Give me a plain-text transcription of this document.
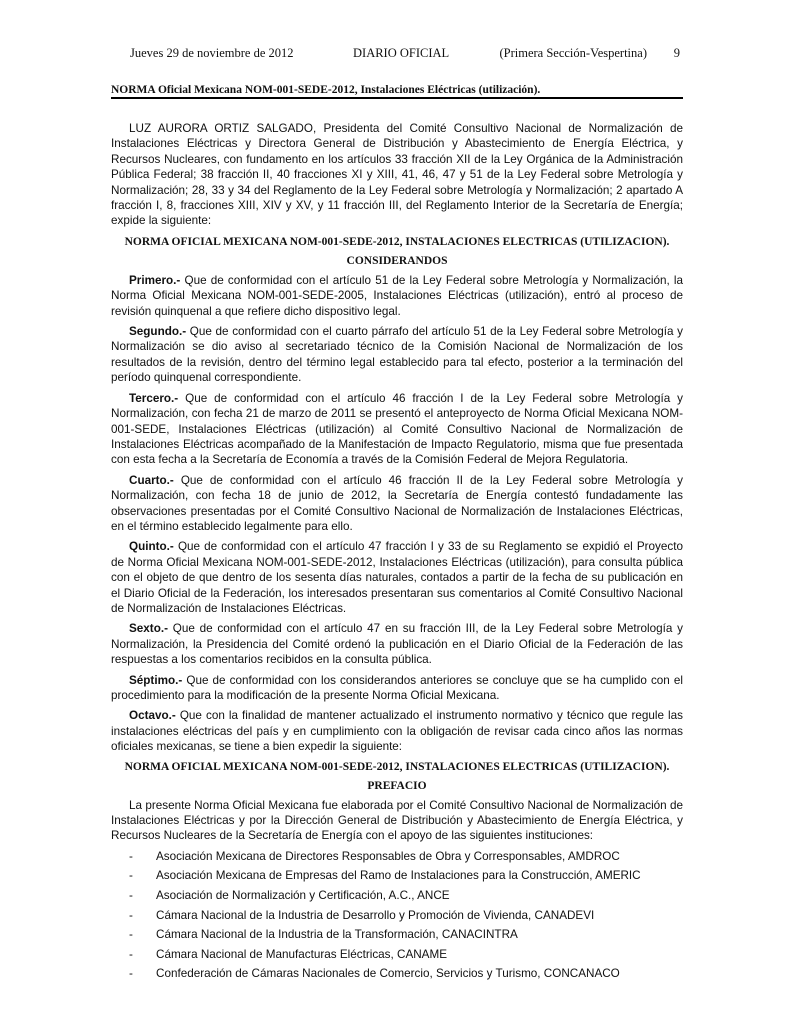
Jueves 29 de noviembre de 2012	DIARIO OFICIAL	(Primera Sección-Vespertina) 9
NORMA Oficial Mexicana NOM-001-SEDE-2012, Instalaciones Eléctricas (utilización).

LUZ AURORA ORTIZ SALGADO, Presidenta del Comité Consultivo Nacional de Normalización de Instalaciones Eléctricas y Directora General de Distribución y Abastecimiento de Energía Eléctrica, y Recursos Nucleares, con fundamento en los artículos 33 fracción XII de la Ley Orgánica de la Administración Pública Federal; 38 fracción II, 40 fracciones XI y XIII, 41, 46, 47 y 51 de la Ley Federal sobre Metrología y Normalización; 28, 33 y 34 del Reglamento de la Ley Federal sobre Metrología y Normalización; 2 apartado A fracción I, 8, fracciones XIII, XIV y XV, y 11 fracción III, del Reglamento Interior de la Secretaría de Energía; expide la siguiente:

NORMA OFICIAL MEXICANA NOM-001-SEDE-2012, INSTALACIONES ELECTRICAS (UTILIZACION).
CONSIDERANDOS

Primero.- Que de conformidad con el artículo 51 de la Ley Federal sobre Metrología y Normalización, la Norma Oficial Mexicana NOM-001-SEDE-2005, Instalaciones Eléctricas (utilización), entró al proceso de revisión quinquenal a que refiere dicho dispositivo legal.

Segundo.- Que de conformidad con el cuarto párrafo del artículo 51 de la Ley Federal sobre Metrología y Normalización se dio aviso al secretariado técnico de la Comisión Nacional de Normalización de los resultados de la revisión, dentro del término legal establecido para tal efecto, posterior a la terminación del período quinquenal correspondiente.

Tercero.- Que de conformidad con el artículo 46 fracción I de la Ley Federal sobre Metrología y Normalización, con fecha 21 de marzo de 2011 se presentó el anteproyecto de Norma Oficial Mexicana NOM-001-SEDE, Instalaciones Eléctricas (utilización) al Comité Consultivo Nacional de Normalización de Instalaciones Eléctricas acompañado de la Manifestación de Impacto Regulatorio, misma que fue presentada con esta fecha a la Secretaría de Economía a través de la Comisión Federal de Mejora Regulatoria.

Cuarto.- Que de conformidad con el artículo 46 fracción II de la Ley Federal sobre Metrología y Normalización, con fecha 18 de junio de 2012, la Secretaría de Energía contestó fundadamente las observaciones presentadas por el Comité Consultivo Nacional de Normalización de Instalaciones Eléctricas, en el término establecido legalmente para ello.

Quinto.- Que de conformidad con el artículo 47 fracción I y 33 de su Reglamento se expidió el Proyecto de Norma Oficial Mexicana NOM-001-SEDE-2012, Instalaciones Eléctricas (utilización), para consulta pública con el objeto de que dentro de los sesenta días naturales, contados a partir de la fecha de su publicación en el Diario Oficial de la Federación, los interesados presentaran sus comentarios al Comité Consultivo Nacional de Normalización de Instalaciones Eléctricas.

Sexto.- Que de conformidad con el artículo 47 en su fracción III, de la Ley Federal sobre Metrología y Normalización, la Presidencia del Comité ordenó la publicación en el Diario Oficial de la Federación de las respuestas a los comentarios recibidos en la consulta pública.

Séptimo.- Que de conformidad con los considerandos anteriores se concluye que se ha cumplido con el procedimiento para la modificación de la presente Norma Oficial Mexicana.

Octavo.- Que con la finalidad de mantener actualizado el instrumento normativo y técnico que regule las instalaciones eléctricas del país y en cumplimiento con la obligación de revisar cada cinco años las normas oficiales mexicanas, se tiene a bien expedir la siguiente:

NORMA OFICIAL MEXICANA NOM-001-SEDE-2012, INSTALACIONES ELECTRICAS (UTILIZACION).
PREFACIO

La presente Norma Oficial Mexicana fue elaborada por el Comité Consultivo Nacional de Normalización de Instalaciones Eléctricas y por la Dirección General de Distribución y Abastecimiento de Energía Eléctrica, y Recursos Nucleares de la Secretaría de Energía con el apoyo de las siguientes instituciones:

- Asociación Mexicana de Directores Responsables de Obra y Corresponsables, AMDROC
- Asociación Mexicana de Empresas del Ramo de Instalaciones para la Construcción, AMERIC
- Asociación de Normalización y Certificación, A.C., ANCE
- Cámara Nacional de la Industria de Desarrollo y Promoción de Vivienda, CANADEVI
- Cámara Nacional de la Industria de la Transformación, CANACINTRA
- Cámara Nacional de Manufacturas Eléctricas, CANAME
- Confederación de Cámaras Nacionales de Comercio, Servicios y Turismo, CONCANACO
